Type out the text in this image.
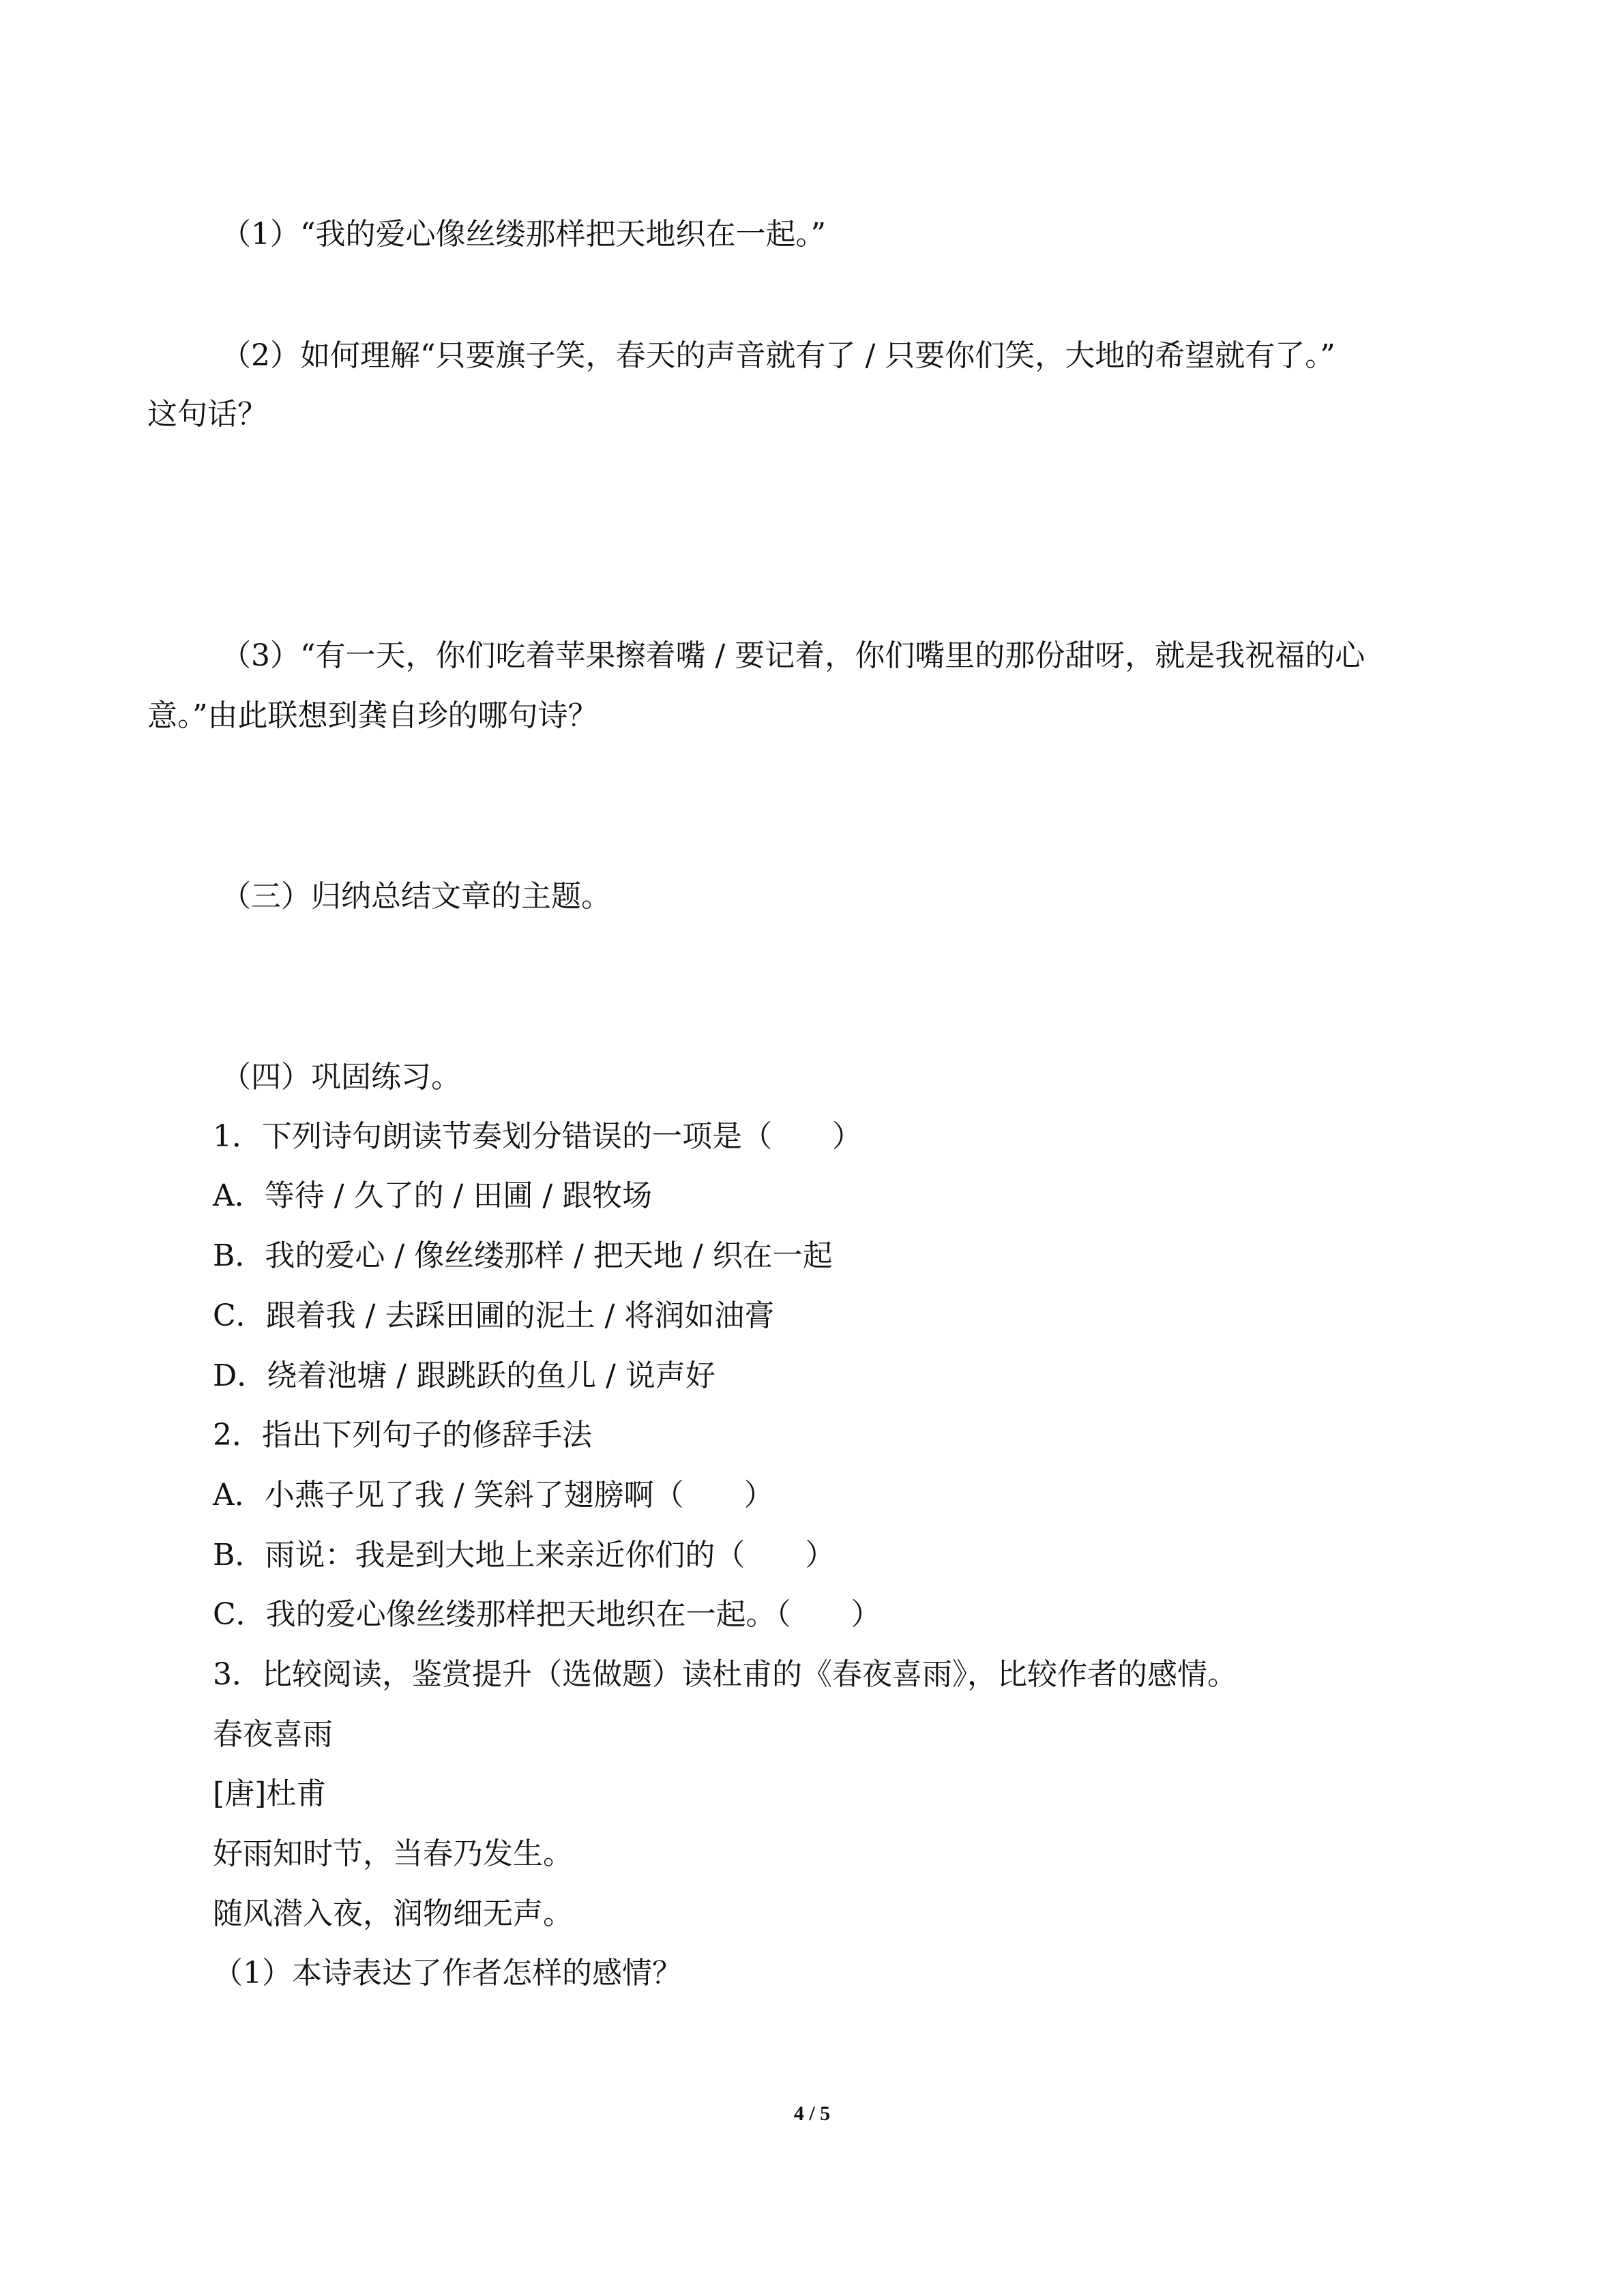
（1）“我的爱心像丝缕那样把天地织在一起。”
（2）如何理解“只要旗子笑，春天的声音就有了 / 只要你们笑，大地的希望就有了。”
这句话？
（3）“有一天，你们吃着苹果擦着嘴 / 要记着，你们嘴里的那份甜呀，就是我祝福的心
意。”由此联想到龚自珍的哪句诗？
（三）归纳总结文章的主题。
（四）巩固练习。
1．下列诗句朗读节奏划分错误的一项是（　　）
A．等待 / 久了的 / 田圃 / 跟牧场
B．我的爱心 / 像丝缕那样 / 把天地 / 织在一起
C．跟着我 / 去踩田圃的泥土 / 将润如油膏
D．绕着池塘 / 跟跳跃的鱼儿 / 说声好
2．指出下列句子的修辞手法
A．小燕子见了我 / 笑斜了翅膀啊（　　）
B．雨说：我是到大地上来亲近你们的（　　）
C．我的爱心像丝缕那样把天地织在一起。（　　）
3．比较阅读，鉴赏提升（选做题）读杜甫的《春夜喜雨》，比较作者的感情。
春夜喜雨
[唐]杜甫
好雨知时节，当春乃发生。
随风潜入夜，润物细无声。
（1）本诗表达了作者怎样的感情？
4 / 5
